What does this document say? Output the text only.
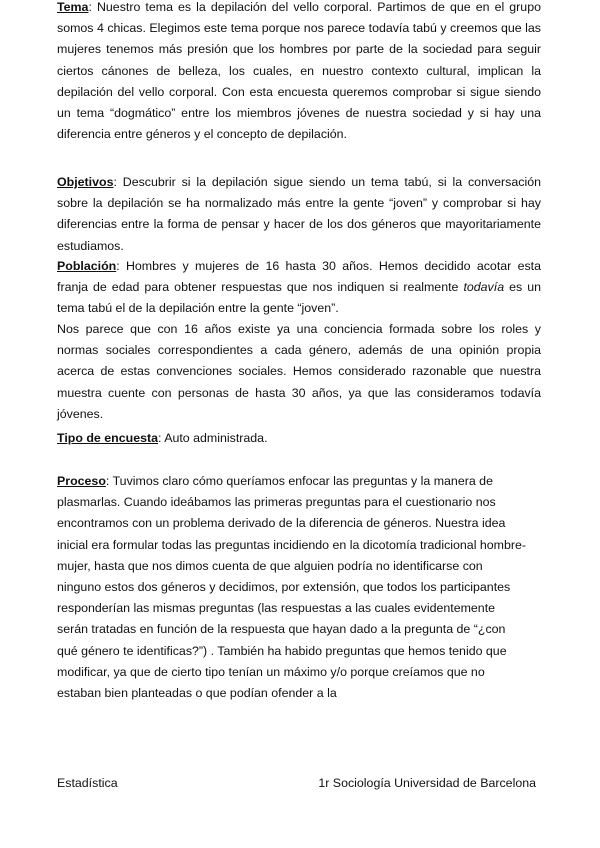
Tema: Nuestro tema es la depilación del vello corporal. Partimos de que en el grupo somos 4 chicas. Elegimos este tema porque nos parece todavía tabú y creemos que las mujeres tenemos más presión que los hombres por parte de la sociedad para seguir ciertos cánones de belleza, los cuales, en nuestro contexto cultural, implican la depilación del vello corporal. Con esta encuesta queremos comprobar si sigue siendo un tema “dogmático” entre los miembros jóvenes de nuestra sociedad y si hay una diferencia entre géneros y el concepto de depilación.

Objetivos: Descubrir si la depilación sigue siendo un tema tabú, si la conversación sobre la depilación se ha normalizado más entre la gente “joven” y comprobar si hay diferencias entre la forma de pensar y hacer de los dos géneros que mayoritariamente estudiamos.

Población: Hombres y mujeres de 16 hasta 30 años. Hemos decidido acotar esta franja de edad para obtener respuestas que nos indiquen si realmente todavía es un tema tabú el de la depilación entre la gente “joven”.

Nos parece que con 16 años existe ya una conciencia formada sobre los roles y normas sociales correspondientes a cada género, además de una opinión propia acerca de estas convenciones sociales. Hemos considerado razonable que nuestra muestra cuente con personas de hasta 30 años, ya que las consideramos todavía jóvenes.

Tipo de encuesta: Auto administrada.

Proceso: Tuvimos claro cómo queríamos enfocar las preguntas y la manera de plasmarlas. Cuando ideábamos las primeras preguntas para el cuestionario nos encontramos con un problema derivado de la diferencia de géneros. Nuestra idea inicial era formular todas las preguntas incidiendo en la dicotomía tradicional hombre-mujer, hasta que nos dimos cuenta de que alguien podría no identificarse con ninguno estos dos géneros y decidimos, por extensión, que todos los participantes responderían las mismas preguntas (las respuestas a las cuales evidentemente serán tratadas en función de la respuesta que hayan dado a la pregunta de “¿con qué género te identificas?”) . También ha habido preguntas que hemos tenido que modificar, ya que de cierto tipo tenían un máximo y/o porque creíamos que no estaban bien planteadas o que podían ofender a la

Estadística	1r Sociología Universidad de Barcelona
